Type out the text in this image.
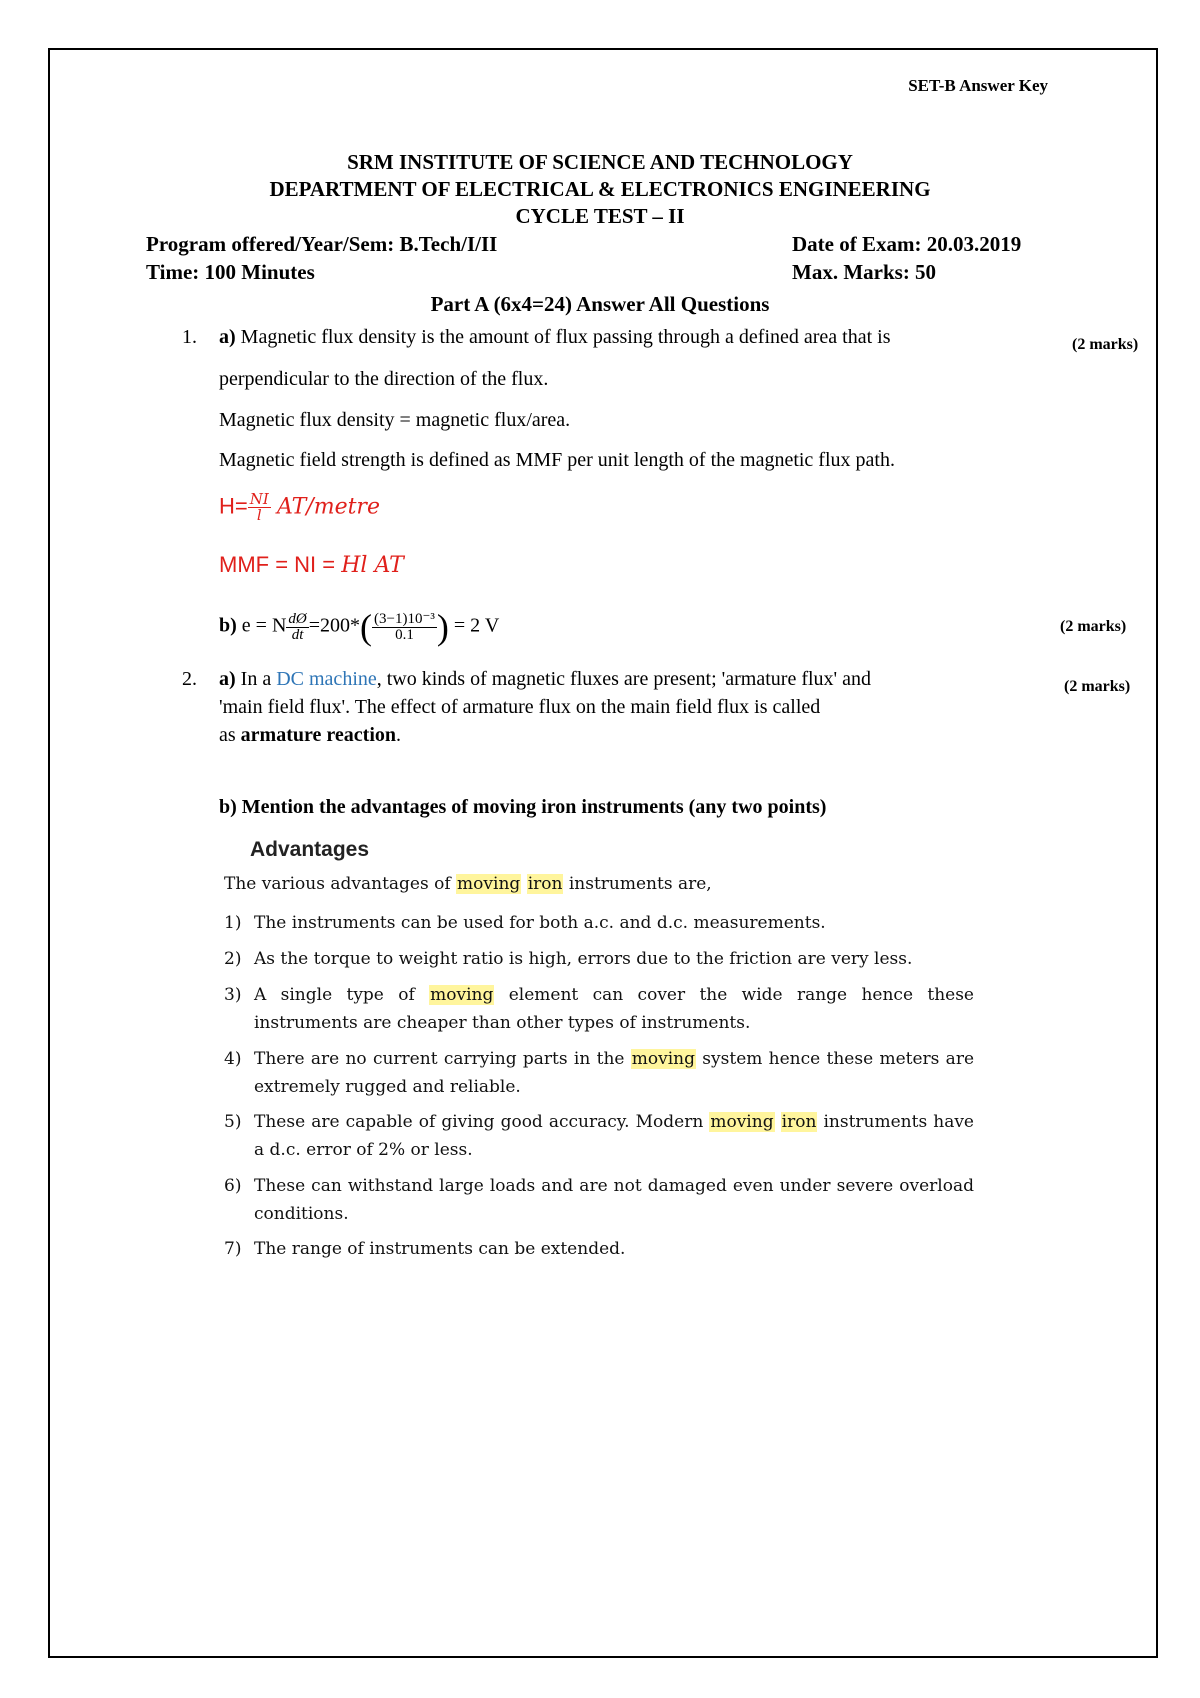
SET-B Answer Key
SRM INSTITUTE OF SCIENCE AND TECHNOLOGY
DEPARTMENT OF ELECTRICAL & ELECTRONICS ENGINEERING
CYCLE TEST – II
Program offered/Year/Sem: B.Tech/I/II	Date of Exam: 20.03.2019
Time: 100 Minutes	Max. Marks: 50
Part A (6x4=24) Answer All Questions
1. a) Magnetic flux density is the amount of flux passing through a defined area that is	(2 marks)
perpendicular to the direction of the flux.
Magnetic flux density = magnetic flux/area.
Magnetic field strength is defined as MMF per unit length of the magnetic flux path.
$H= \frac{NI}{l}$ AT/metre
MMF = NI = Hl AT
b) e = N $\frac{dØ}{dt} =200*( \frac{\text{(3−1)10⁻³}}{0.1}$ ) = 2 V	(2 marks)
2. a) In a DC machine, two kinds of magnetic fluxes are present; 'armature flux' and	(2 marks)
'main field flux'. The effect of armature flux on the main field flux is called
as armature reaction.
b) Mention the advantages of moving iron instruments (any two points)
Advantages
The various advantages of moving iron instruments are,
1) The instruments can be used for both a.c. and d.c. measurements.
2) As the torque to weight ratio is high, errors due to the friction are very less.
3) A single type of moving element can cover the wide range hence these instruments are cheaper than other types of instruments.
4) There are no current carrying parts in the moving system hence these meters are extremely rugged and reliable.
5) These are capable of giving good accuracy. Modern moving iron instruments have a d.c. error of 2% or less.
6) These can withstand large loads and are not damaged even under severe overload conditions.
7) The range of instruments can be extended.
